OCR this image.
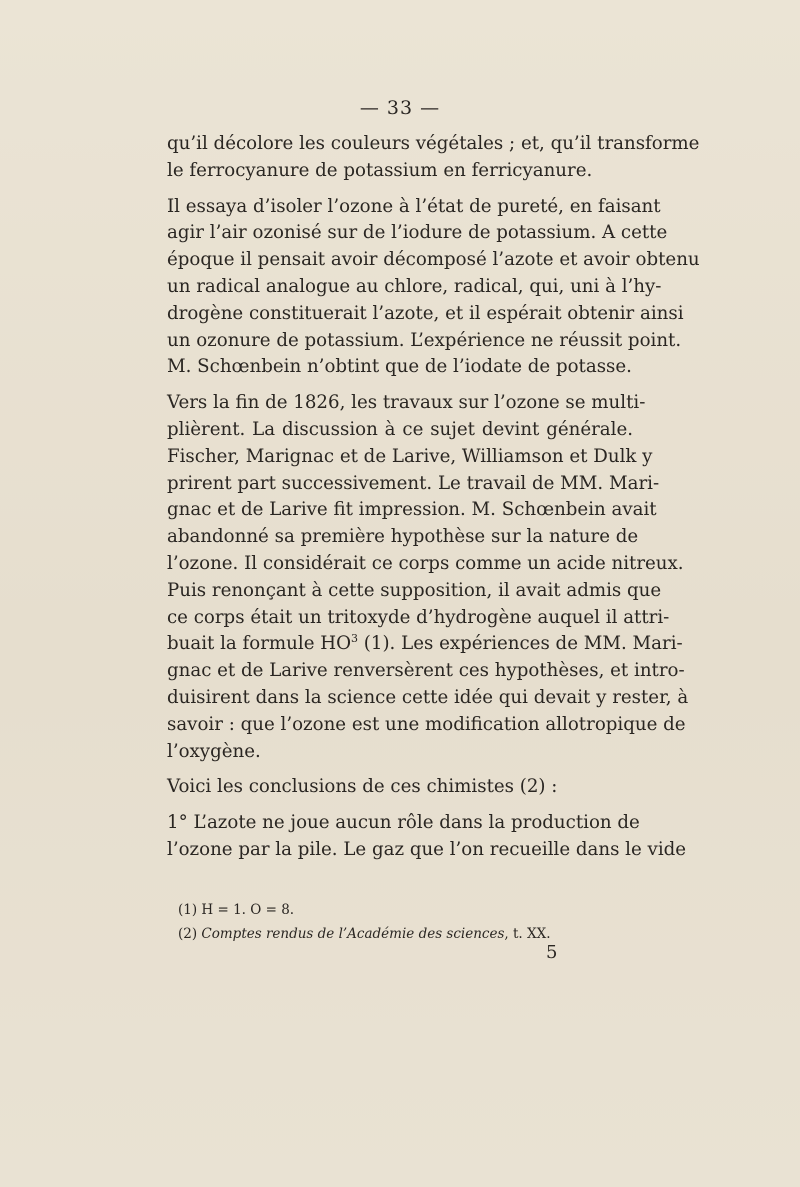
— 33 —

qu’il décolore les couleurs végétales ; et, qu’il transforme
le ferrocyanure de potassium en ferricyanure.

Il essaya d’isoler l’ozone à l’état de pureté, en faisant
agir l’air ozonisé sur de l’iodure de potassium. A cette
époque il pensait avoir décomposé l’azote et avoir obtenu
un radical analogue au chlore, radical, qui, uni à l’hy-
drogène constituerait l’azote, et il espérait obtenir ainsi
un ozonure de potassium. L’expérience ne réussit point.
M. Schœnbein n’obtint que de l’iodate de potasse.

Vers la fin de 1826, les travaux sur l’ozone se multi-
plièrent. La discussion à ce sujet devint générale.
Fischer, Marignac et de Larive, Williamson et Dulk y
prirent part successivement. Le travail de MM. Mari-
gnac et de Larive fit impression. M. Schœnbein avait
abandonné sa première hypothèse sur la nature de
l’ozone. Il considérait ce corps comme un acide nitreux.
Puis renonçant à cette supposition, il avait admis que
ce corps était un tritoxyde d’hydrogène auquel il attri-
buait la formule $HO^3$ (1). Les expériences de MM. Mari-
gnac et de Larive renversèrent ces hypothèses, et intro-
duisirent dans la science cette idée qui devait y rester, à
savoir : que l’ozone est une modification allotropique de
l’oxygène.

Voici les conclusions de ces chimistes (2) :

1° L’azote ne joue aucun rôle dans la production de
l’ozone par la pile. Le gaz que l’on recueille dans le vide

(1) H = 1. O = 8.
(2) Comptes rendus de l’Académie des sciences, t. XX.
5
